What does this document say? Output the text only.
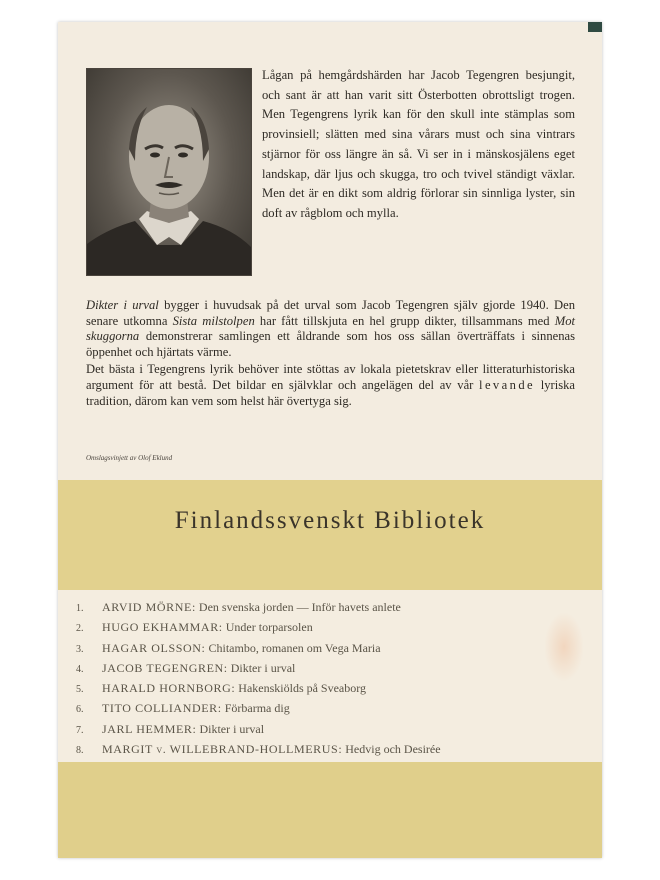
Lågan på hemgårdshärden har Jacob Tegengren besjungit, och sant är att han varit sitt Österbotten obrottsligt trogen. Men Tegengrens lyrik kan för den skull inte stämplas som provinsiell; slätten med sina vårars must och sina vintrars stjärnor för oss längre än så. Vi ser in i mänskosjälens eget landskap, där ljus och skugga, tro och tvivel ständigt växlar. Men det är en dikt som aldrig förlorar sin sinnliga lyster, sin doft av rågblom och mylla.

Dikter i urval bygger i huvudsak på det urval som Jacob Tegengren själv gjorde 1940. Den senare utkomna Sista milstolpen har fått tillskjuta en hel grupp dikter, tillsammans med Mot skuggorna demonstrerar samlingen ett åldrande som hos oss sällan överträffats i sinnenas öppenhet och hjärtats värme.

Det bästa i Tegengrens lyrik behöver inte stöttas av lokala pietetskrav eller litteraturhistoriska argument för att bestå. Det bildar en självklar och angelägen del av vår levande lyriska tradition, därom kan vem som helst här övertyga sig.

Omslagsvinjett av Olof Eklund
Finlandssvenskt Bibliotek
1. ARVID MÖRNE: Den svenska jorden — Inför havets anlete
2. HUGO EKHAMMAR: Under torparsolen
3. HAGAR OLSSON: Chitambo, romanen om Vega Maria
4. JACOB TEGENGREN: Dikter i urval
5. HARALD HORNBORG: Hakenskiölds på Sveaborg
6. TITO COLLIANDER: Förbarma dig
7. JARL HEMMER: Dikter i urval
8. MARGIT v. WILLEBRAND-HOLLMERUS: Hedvig och Desirée
